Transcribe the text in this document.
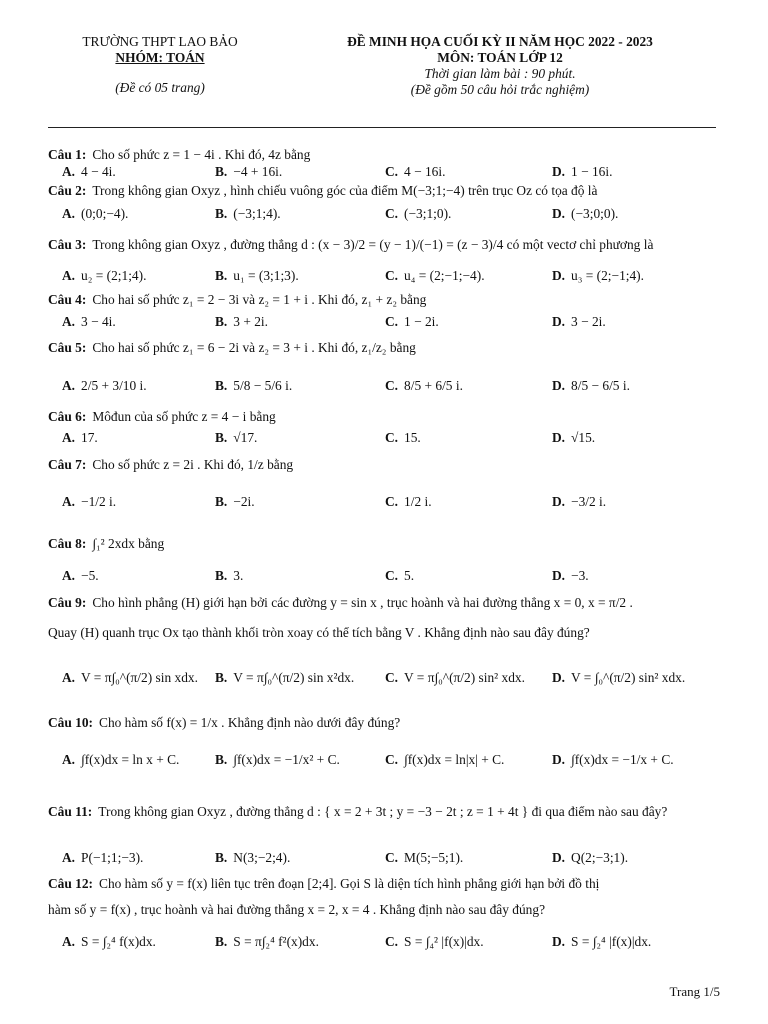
TRƯỜNG THPT LAO BẢO
NHÓM: TOÁN
(Đề có 05 trang)
ĐỀ MINH HỌA CUỐI KỲ II NĂM HỌC 2022 - 2023
MÔN: TOÁN LỚP 12
Thời gian làm bài : 90 phút.
(Đề gồm 50 câu hỏi trắc nghiệm)
Câu 1: Cho số phức z = 1 − 4i . Khi đó, 4z bằng
A. 4 − 4i.	B. −4 + 16i.	C. 4 − 16i.	D. 1 − 16i.
Câu 2: Trong không gian Oxyz , hình chiếu vuông góc của điểm M(−3;1;−4) trên trục Oz có tọa độ là
A. (0;0;−4).	B. (−3;1;4).	C. (−3;1;0).	D. (−3;0;0).
Câu 3: Trong không gian Oxyz , đường thẳng d : (x − 3)/2 = (y − 1)/(−1) = (z − 3)/4 có một vectơ chỉ phương là
A. u₂ = (2;1;4).	B. u₁ = (3;1;3).	C. u₄ = (2;−1;−4).	D. u₃ = (2;−1;4).
Câu 4: Cho hai số phức z₁ = 2 − 3i và z₂ = 1 + i . Khi đó, z₁ + z₂ bằng
A. 3 − 4i.	B. 3 + 2i.	C. 1 − 2i.	D. 3 − 2i.
Câu 5: Cho hai số phức z₁ = 6 − 2i và z₂ = 3 + i . Khi đó, z₁/z₂ bằng
A. 2/5 + 3/10 i.	B. 5/8 − 5/6 i.	C. 8/5 + 6/5 i.	D. 8/5 − 6/5 i.
Câu 6: Môđun của số phức z = 4 − i bằng
A. 17.	B. √17.	C. 15.	D. √15.
Câu 7: Cho số phức z = 2i . Khi đó, 1/z bằng
A. −1/2 i.	B. −2i.	C. 1/2 i.	D. −3/2 i.
Câu 8: ∫₁² 2xdx bằng
A. −5.	B. 3.	C. 5.	D. −3.
Câu 9: Cho hình phẳng (H) giới hạn bởi các đường y = sin x , trục hoành và hai đường thẳng x = 0, x = π/2 .
Quay (H) quanh trục Ox tạo thành khối tròn xoay có thể tích bằng V . Khẳng định nào sau đây đúng?
A. V = π∫₀^(π/2) sin xdx. B. V = π∫₀^(π/2) sin x²dx. C. V = π∫₀^(π/2) sin² xdx. D. V = ∫₀^(π/2) sin² xdx.
Câu 10: Cho hàm số f(x) = 1/x . Khẳng định nào dưới đây đúng?
A. ∫f(x)dx = ln x + C.	B. ∫f(x)dx = −1/x² + C.	C. ∫f(x)dx = ln|x| + C.	D. ∫f(x)dx = −1/x + C.
Câu 11: Trong không gian Oxyz , đường thẳng d : { x = 2 + 3t ; y = −3 − 2t ; z = 1 + 4t } đi qua điểm nào sau đây?
A. P(−1;1;−3).	B. N(3;−2;4).	C. M(5;−5;1).	D. Q(2;−3;1).
Câu 12: Cho hàm số y = f(x) liên tục trên đoạn [2;4]. Gọi S là diện tích hình phẳng giới hạn bởi đồ thị
hàm số y = f(x) , trục hoành và hai đường thẳng x = 2, x = 4 . Khẳng định nào sau đây đúng?
A. S = ∫₂⁴ f(x)dx.	B. S = π∫₂⁴ f²(x)dx.	C. S = ∫₄² |f(x)|dx.	D. S = ∫₂⁴ |f(x)|dx.
Trang 1/5
